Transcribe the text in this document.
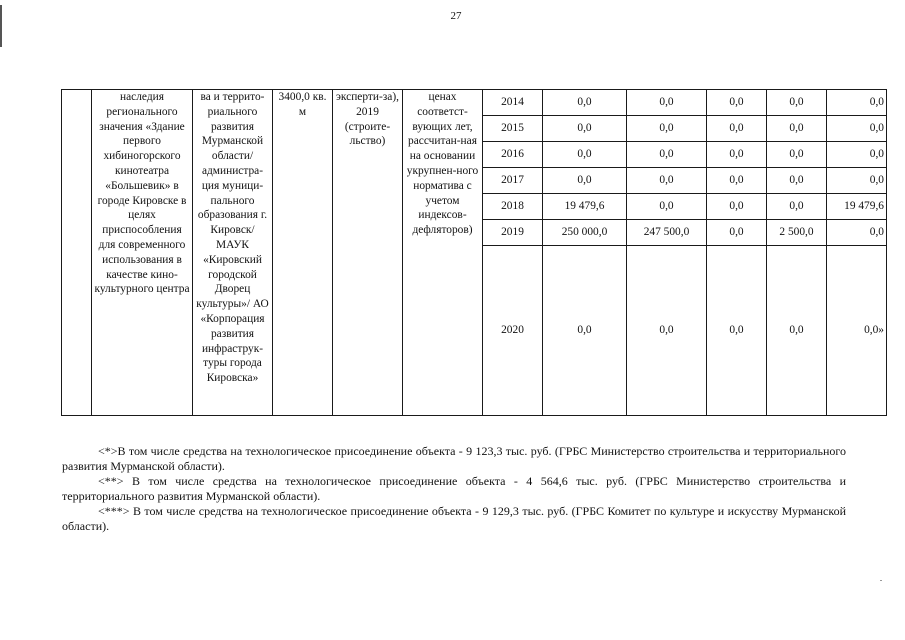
27
	наследия регионального значения «Здание первого хибиногорского кинотеатра «Большевик» в городе Кировске в целях приспособления для современного использования в качестве кино-культурного центра	ва и террито-риального развития Мурманской области/ администра-ция муници-пального образования г. Кировск/ МАУК «Кировский городской Дворец культуры»/ АО «Корпорация развития инфраструк-туры города Кировска»	3400,0 кв. м	эксперти-за), 2019 (строите-льство)	ценах соответст-вующих лет, рассчитан-ная на основании укрупнен-ного норматива с учетом индексов-дефляторов)	2014	0,0	0,0	0,0	0,0	0,0
						2015	0,0	0,0	0,0	0,0	0,0
						2016	0,0	0,0	0,0	0,0	0,0
						2017	0,0	0,0	0,0	0,0	0,0
						2018	19 479,6	0,0	0,0	0,0	19 479,6
						2019	250 000,0	247 500,0	0,0	2 500,0	0,0
						2020	0,0	0,0	0,0	0,0	0,0»

<*>В том числе средства на технологическое присоединение объекта - 9 123,3 тыс. руб. (ГРБС Министерство строительства и территориального развития Мурманской области).

<**> В том числе средства на технологическое присоединение объекта - 4 564,6 тыс. руб. (ГРБС Министерство строительства и территориального развития Мурманской области).

<***> В том числе средства на технологическое присоединение объекта - 9 129,3 тыс. руб. (ГРБС Комитет по культуре и искусству Мурманской области).
